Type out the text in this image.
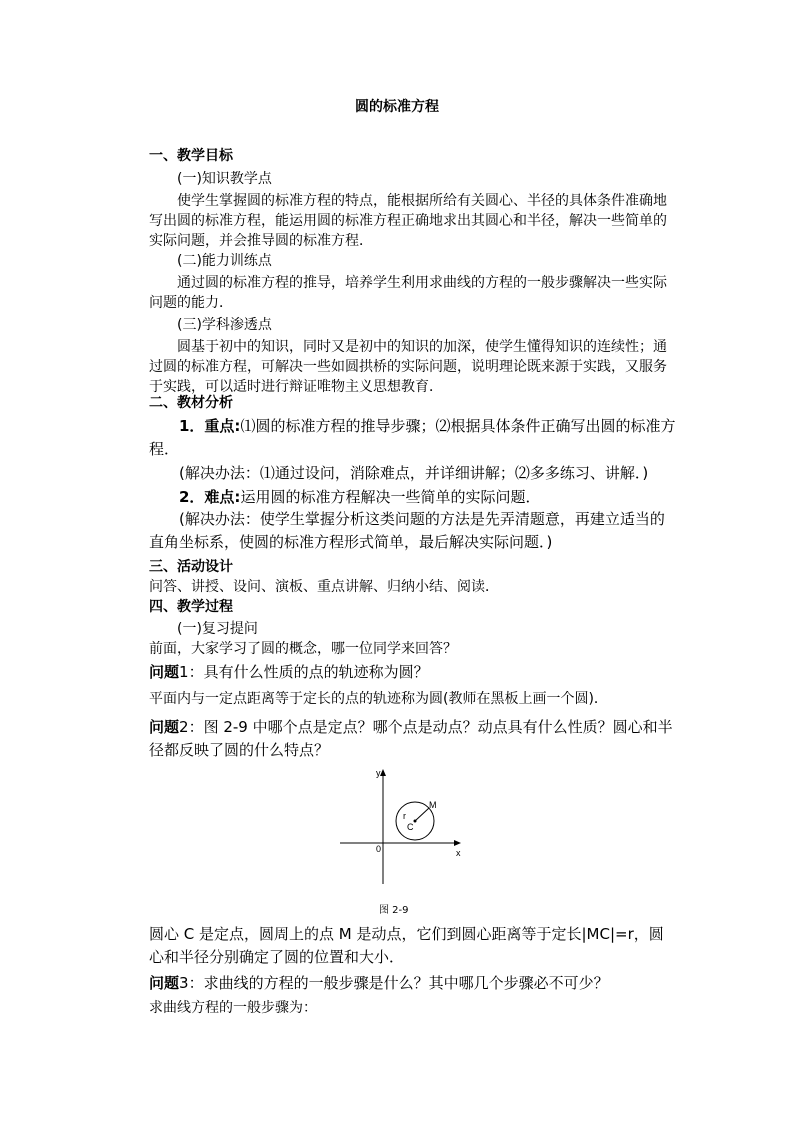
圆的标准方程
一、教学目标
(一)知识教学点
使学生掌握圆的标准方程的特点，能根据所给有关圆心、半径的具体条件准确地写出圆的标准方程，能运用圆的标准方程正确地求出其圆心和半径，解决一些简单的实际问题，并会推导圆的标准方程．
(二)能力训练点
通过圆的标准方程的推导，培养学生利用求曲线的方程的一般步骤解决一些实际问题的能力．
(三)学科渗透点
圆基于初中的知识，同时又是初中的知识的加深，使学生懂得知识的连续性；通过圆的标准方程，可解决一些如圆拱桥的实际问题，说明理论既来源于实践，又服务于实践，可以适时进行辩证唯物主义思想教育．
二、教材分析
1．重点:⑴圆的标准方程的推导步骤；⑵根据具体条件正确写出圆的标准方程．
(解决办法：⑴通过设问，消除难点，并详细讲解；⑵多多练习、讲解．)
2．难点:运用圆的标准方程解决一些简单的实际问题．
(解决办法：使学生掌握分析这类问题的方法是先弄清题意，再建立适当的直角坐标系，使圆的标准方程形式简单，最后解决实际问题．)
三、活动设计
问答、讲授、设问、演板、重点讲解、归纳小结、阅读．
四、教学过程
(一)复习提问
前面，大家学习了圆的概念，哪一位同学来回答？
问题1：具有什么性质的点的轨迹称为圆？
平面内与一定点距离等于定长的点的轨迹称为圆(教师在黑板上画一个圆)．
问题2：图 2-9 中哪个点是定点？哪个点是动点？动点具有什么性质？圆心和半径都反映了圆的什么特点？
y
x
0
M
r
C
图 2-9
圆心 C 是定点，圆周上的点 M 是动点，它们到圆心距离等于定长|MC|=r，圆心和半径分别确定了圆的位置和大小．
问题3：求曲线的方程的一般步骤是什么？其中哪几个步骤必不可少？
求曲线方程的一般步骤为：
